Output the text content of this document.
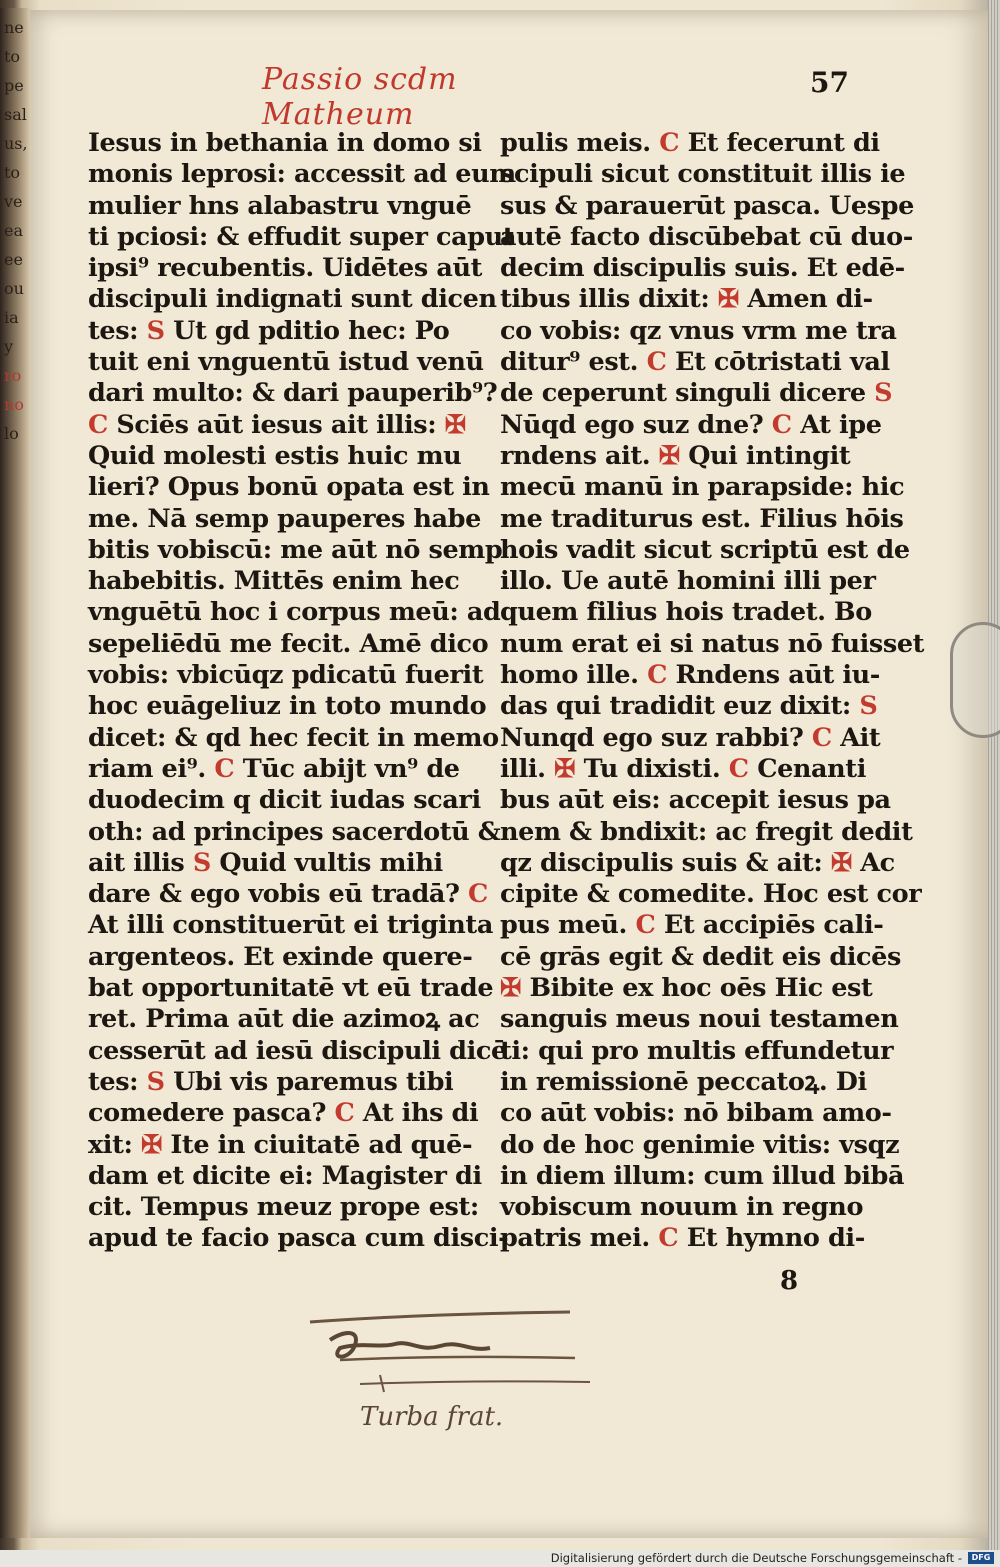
ne
to
pe
sal
us,
to
ve
ea
ee
ou
ia
y
ro
no
lo
Passio scdm Matheum
57
Iesus in bethania in domo si
monis leprosi: accessit ad eum
mulier hns alabastru vnguē
ti pciosi: & effudit super caput
ipsi⁹ recubentis. Uidētes aūt
discipuli indignati sunt dicen
tes: S Ut gd pditio hec: Po
tuit eni vnguentū istud venū
dari multo: & dari pauperib⁹?
C Sciēs aūt iesus ait illis: ✠
Quid molesti estis huic mu
lieri? Opus bonū opata est in
me. Nā semp pauperes habe
bitis vobiscū: me aūt nō semp
habebitis. Mittēs enim hec
vnguētū hoc i corpus meū: ad
sepeliēdū me fecit. Amē dico
vobis: vbicūqz pdicatū fuerit
hoc euāgeliuz in toto mundo
dicet: & qd hec fecit in memo
riam ei⁹. C Tūc abijt vn⁹ de
duodecim q dicit iudas scari
oth: ad principes sacerdotū &
ait illis S Quid vultis mihi
dare & ego vobis eū tradā? C
At illi constituerūt ei triginta
argenteos. Et exinde quere-
bat opportunitatē vt eū trade
ret. Prima aūt die azimoꝝ ac
cesserūt ad iesū discipuli dicē
tes: S Ubi vis paremus tibi
comedere pasca? C At ihs di
xit: ✠ Ite in ciuitatē ad quē-
dam et dicite ei: Magister di
cit. Tempus meuz prope est:
apud te facio pasca cum disci-
pulis meis. C Et fecerunt di
scipuli sicut constituit illis ie
sus & parauerūt pasca. Uespe
autē facto discūbebat cū duo-
decim discipulis suis. Et edē-
tibus illis dixit: ✠ Amen di-
co vobis: qz vnus vrm me tra
ditur⁹ est. C Et cōtristati val
de ceperunt singuli dicere S
Nūqd ego suz dne? C At ipe
rndens ait. ✠ Qui intingit
mecū manū in parapside: hic
me traditurus est. Filius hōis
hois vadit sicut scriptū est de
illo. Ue autē homini illi per
quem filius hois tradet. Bo
num erat ei si natus nō fuisset
homo ille. C Rndens aūt iu-
das qui tradidit euz dixit: S
Nunqd ego suz rabbi? C Ait
illi. ✠ Tu dixisti. C Cenanti
bus aūt eis: accepit iesus pa
nem & bndixit: ac fregit dedit
qz discipulis suis & ait: ✠ Ac
cipite & comedite. Hoc est cor
pus meū. C Et accipiēs cali-
cē grās egit & dedit eis dicēs
✠ Bibite ex hoc oēs Hic est
sanguis meus noui testamen
ti: qui pro multis effundetur
in remissionē peccatoꝝ. Di
co aūt vobis: nō bibam amo-
do de hoc genimie vitis: vsqz
in diem illum: cum illud bibā
vobiscum nouum in regno
patris mei. C Et hymno di-
8
Turba frat.
Digitalisierung gefördert durch die Deutsche Forschungsgemeinschaft -	DFG
